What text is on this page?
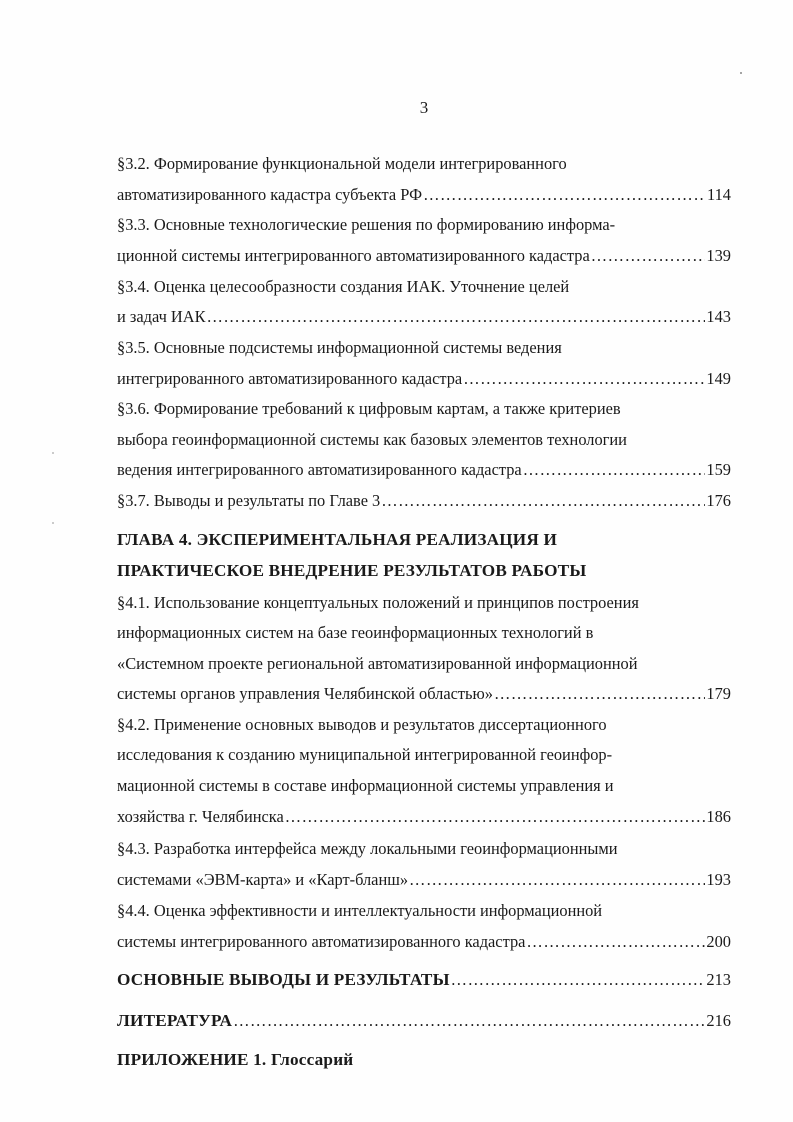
3
§3.2. Формирование функциональной модели интегрированного
автоматизированного кадастра субъекта РФ …………………………………………………………………………………………………………………………………………………………………………	114
§3.3. Основные технологические решения по формированию информа-
ционной системы интегрированного автоматизированного кадастра …………………………………………………………………………………………………………………………………………………………………………	139
§3.4. Оценка целесообразности создания ИАК. Уточнение целей
и задач ИАК …………………………………………………………………………………………………………………………………………………………………………	143
§3.5. Основные подсистемы информационной системы ведения
интегрированного автоматизированного кадастра …………………………………………………………………………………………………………………………………………………………………………	149
§3.6. Формирование требований к цифровым картам, а также критериев
выбора геоинформационной системы как базовых элементов технологии
ведения интегрированного автоматизированного кадастра …………………………………………………………………………………………………………………………………………………………………………	159
§3.7. Выводы и результаты по Главе 3 …………………………………………………………………………………………………………………………………………………………………………	176
ГЛАВА 4. ЭКСПЕРИМЕНТАЛЬНАЯ РЕАЛИЗАЦИЯ И
ПРАКТИЧЕСКОЕ ВНЕДРЕНИЕ РЕЗУЛЬТАТОВ РАБОТЫ
§4.1. Использование концептуальных положений и принципов построения
информационных систем на базе геоинформационных технологий в
«Системном проекте региональной автоматизированной информационной
системы органов управления Челябинской областью» …………………………………………………………………………………………………………………………………………………………………………	179
§4.2. Применение основных выводов и результатов диссертационного
исследования к созданию муниципальной интегрированной геоинфор-
мационной системы в составе информационной системы управления и
хозяйства г. Челябинска …………………………………………………………………………………………………………………………………………………………………………	186
§4.3. Разработка интерфейса между локальными геоинформационными
системами «ЭВМ-карта» и «Карт-бланш» …………………………………………………………………………………………………………………………………………………………………………	193
§4.4. Оценка эффективности и интеллектуальности информационной
системы интегрированного автоматизированного кадастра …………………………………………………………………………………………………………………………………………………………………………	200
ОСНОВНЫЕ ВЫВОДЫ И РЕЗУЛЬТАТЫ …………………………………………………………………………………………………………………………………………………………………………	213
ЛИТЕРАТУРА …………………………………………………………………………………………………………………………………………………………………………	216
ПРИЛОЖЕНИЕ 1. Глоссарий
